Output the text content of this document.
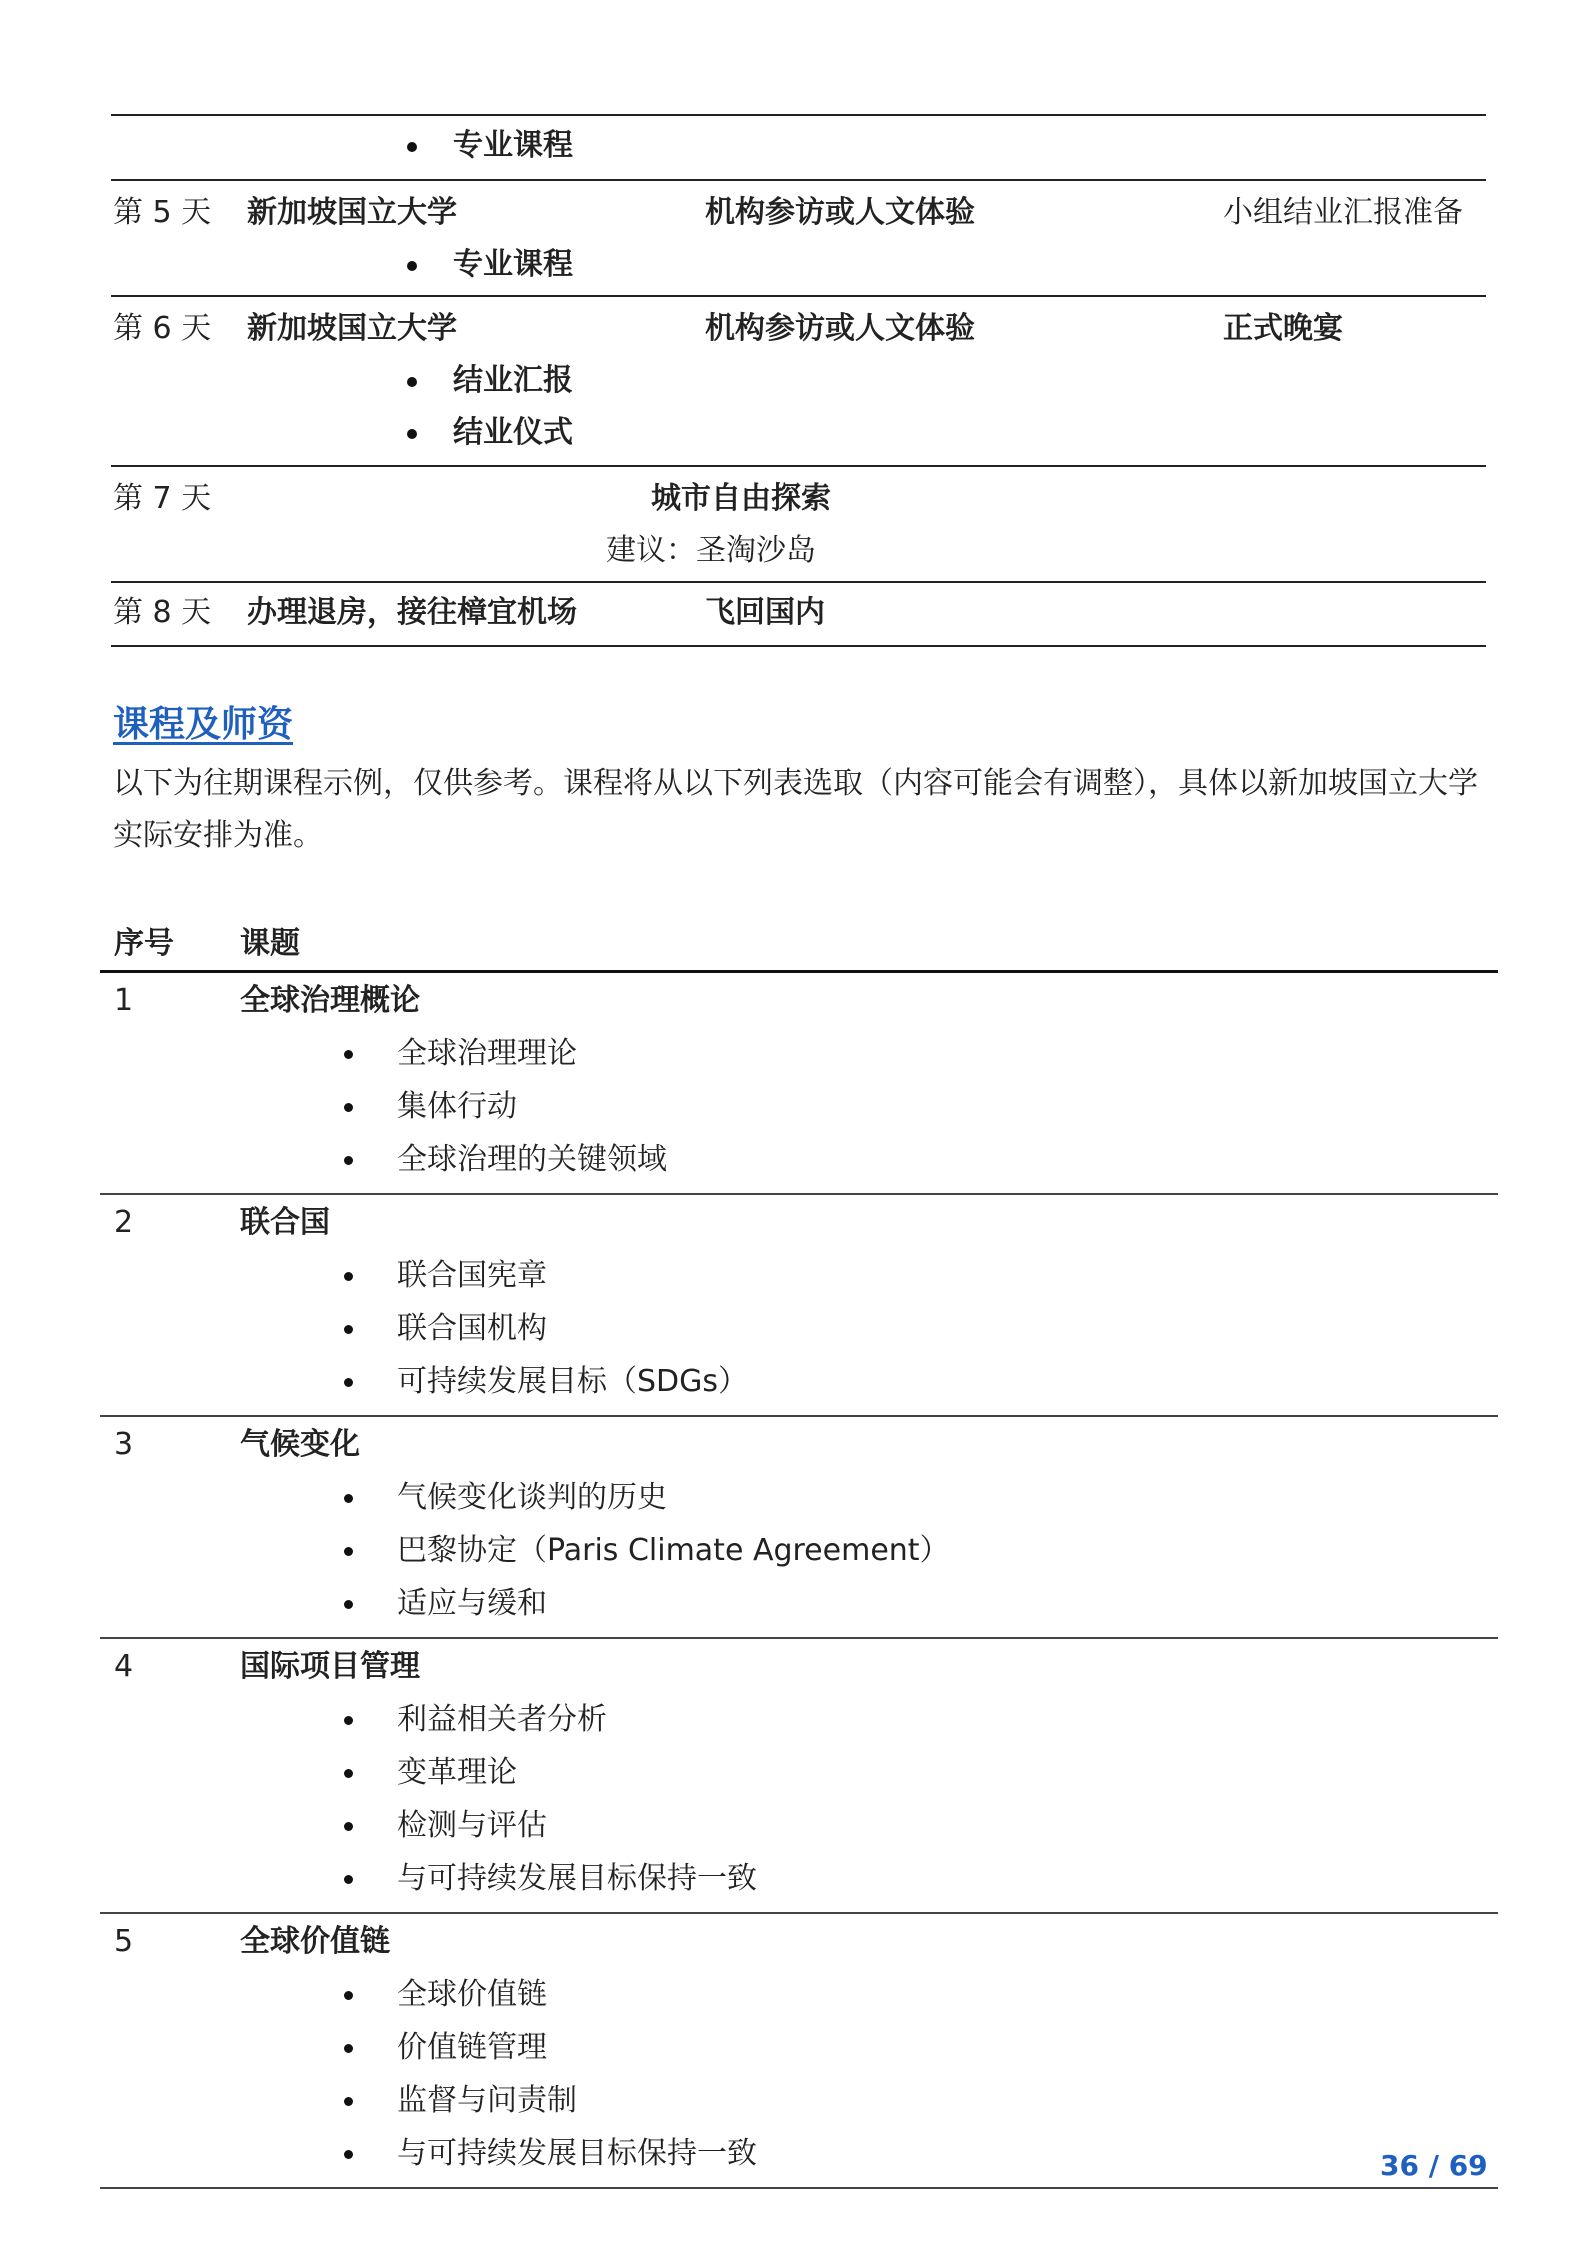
专业课程
第 5 天 新加坡国立大学	机构参访或人文体验	小组结业汇报准备
专业课程
第 6 天 新加坡国立大学	机构参访或人文体验	正式晚宴
结业汇报
结业仪式
第 7 天	城市自由探索
建议：圣淘沙岛
第 8 天 办理退房，接往樟宜机场	飞回国内
课程及师资
以下为往期课程示例，仅供参考。课程将从以下列表选取（内容可能会有调整），具体以新加坡国立大学实际安排为准。
序号 课题
1	全球治理概论
全球治理理论
集体行动
全球治理的关键领域
2	联合国
联合国宪章
联合国机构
可持续发展目标（SDGs）
3	气候变化
气候变化谈判的历史
巴黎协定（Paris Climate Agreement）
适应与缓和
4	国际项目管理
利益相关者分析
变革理论
检测与评估
与可持续发展目标保持一致
5	全球价值链
全球价值链
价值链管理
监督与问责制
与可持续发展目标保持一致	36 / 69
